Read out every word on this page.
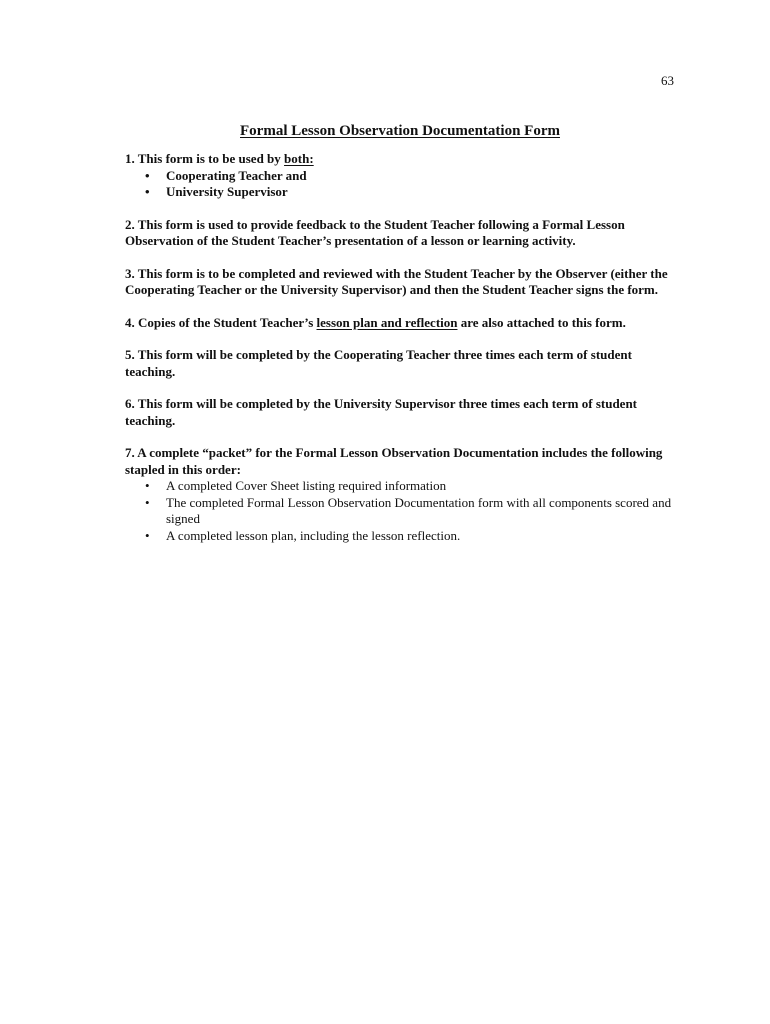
63
Formal Lesson Observation Documentation Form

1. This form is to be used by both:

• Cooperating Teacher and
• University Supervisor

2. This form is used to provide feedback to the Student Teacher following a Formal Lesson Observation of the Student Teacher’s presentation of a lesson or learning activity.

3. This form is to be completed and reviewed with the Student Teacher by the Observer (either the Cooperating Teacher or the University Supervisor) and then the Student Teacher signs the form.

4. Copies of the Student Teacher’s lesson plan and reflection are also attached to this form.

5. This form will be completed by the Cooperating Teacher three times each term of student teaching.

6. This form will be completed by the University Supervisor three times each term of student teaching.

7. A complete “packet” for the Formal Lesson Observation Documentation includes the following stapled in this order:

• A completed Cover Sheet listing required information
• The completed Formal Lesson Observation Documentation form with all components scored and signed
• A completed lesson plan, including the lesson reflection.
